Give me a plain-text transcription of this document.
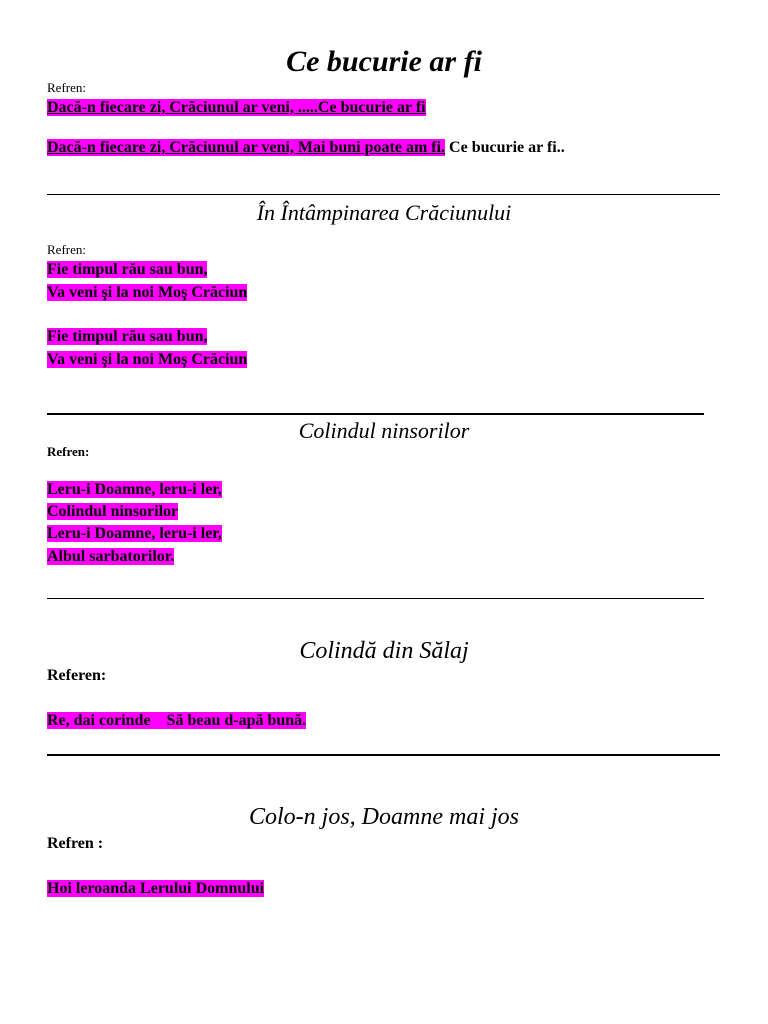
Ce bucurie ar fi
Refren:
Dacă-n fiecare zi, Crăciunul ar veni, .....Ce bucurie ar fi
Dacă-n fiecare zi, Crăciunul ar veni, Mai buni poate am fi. Ce bucurie ar fi..
În Întâmpinarea Crăciunului
Refren:
Fie timpul rău sau bun,
Va veni şi la noi Moş Crăciun
Fie timpul rău sau bun,
Va veni şi la noi Moş Crăciun
Colindul ninsorilor
Refren:
Leru-i Doamne, leru-i ler,
Colindul ninsorilor
Leru-i Doamne, leru-i ler,
Albul sarbatorilor.
Colindă din Sălaj
Referen:
Re, dai corinde    Să beau d-apă bună.
Colo-n jos, Doamne mai jos
Refren :
Hoi leroanda Lerului Domnului
